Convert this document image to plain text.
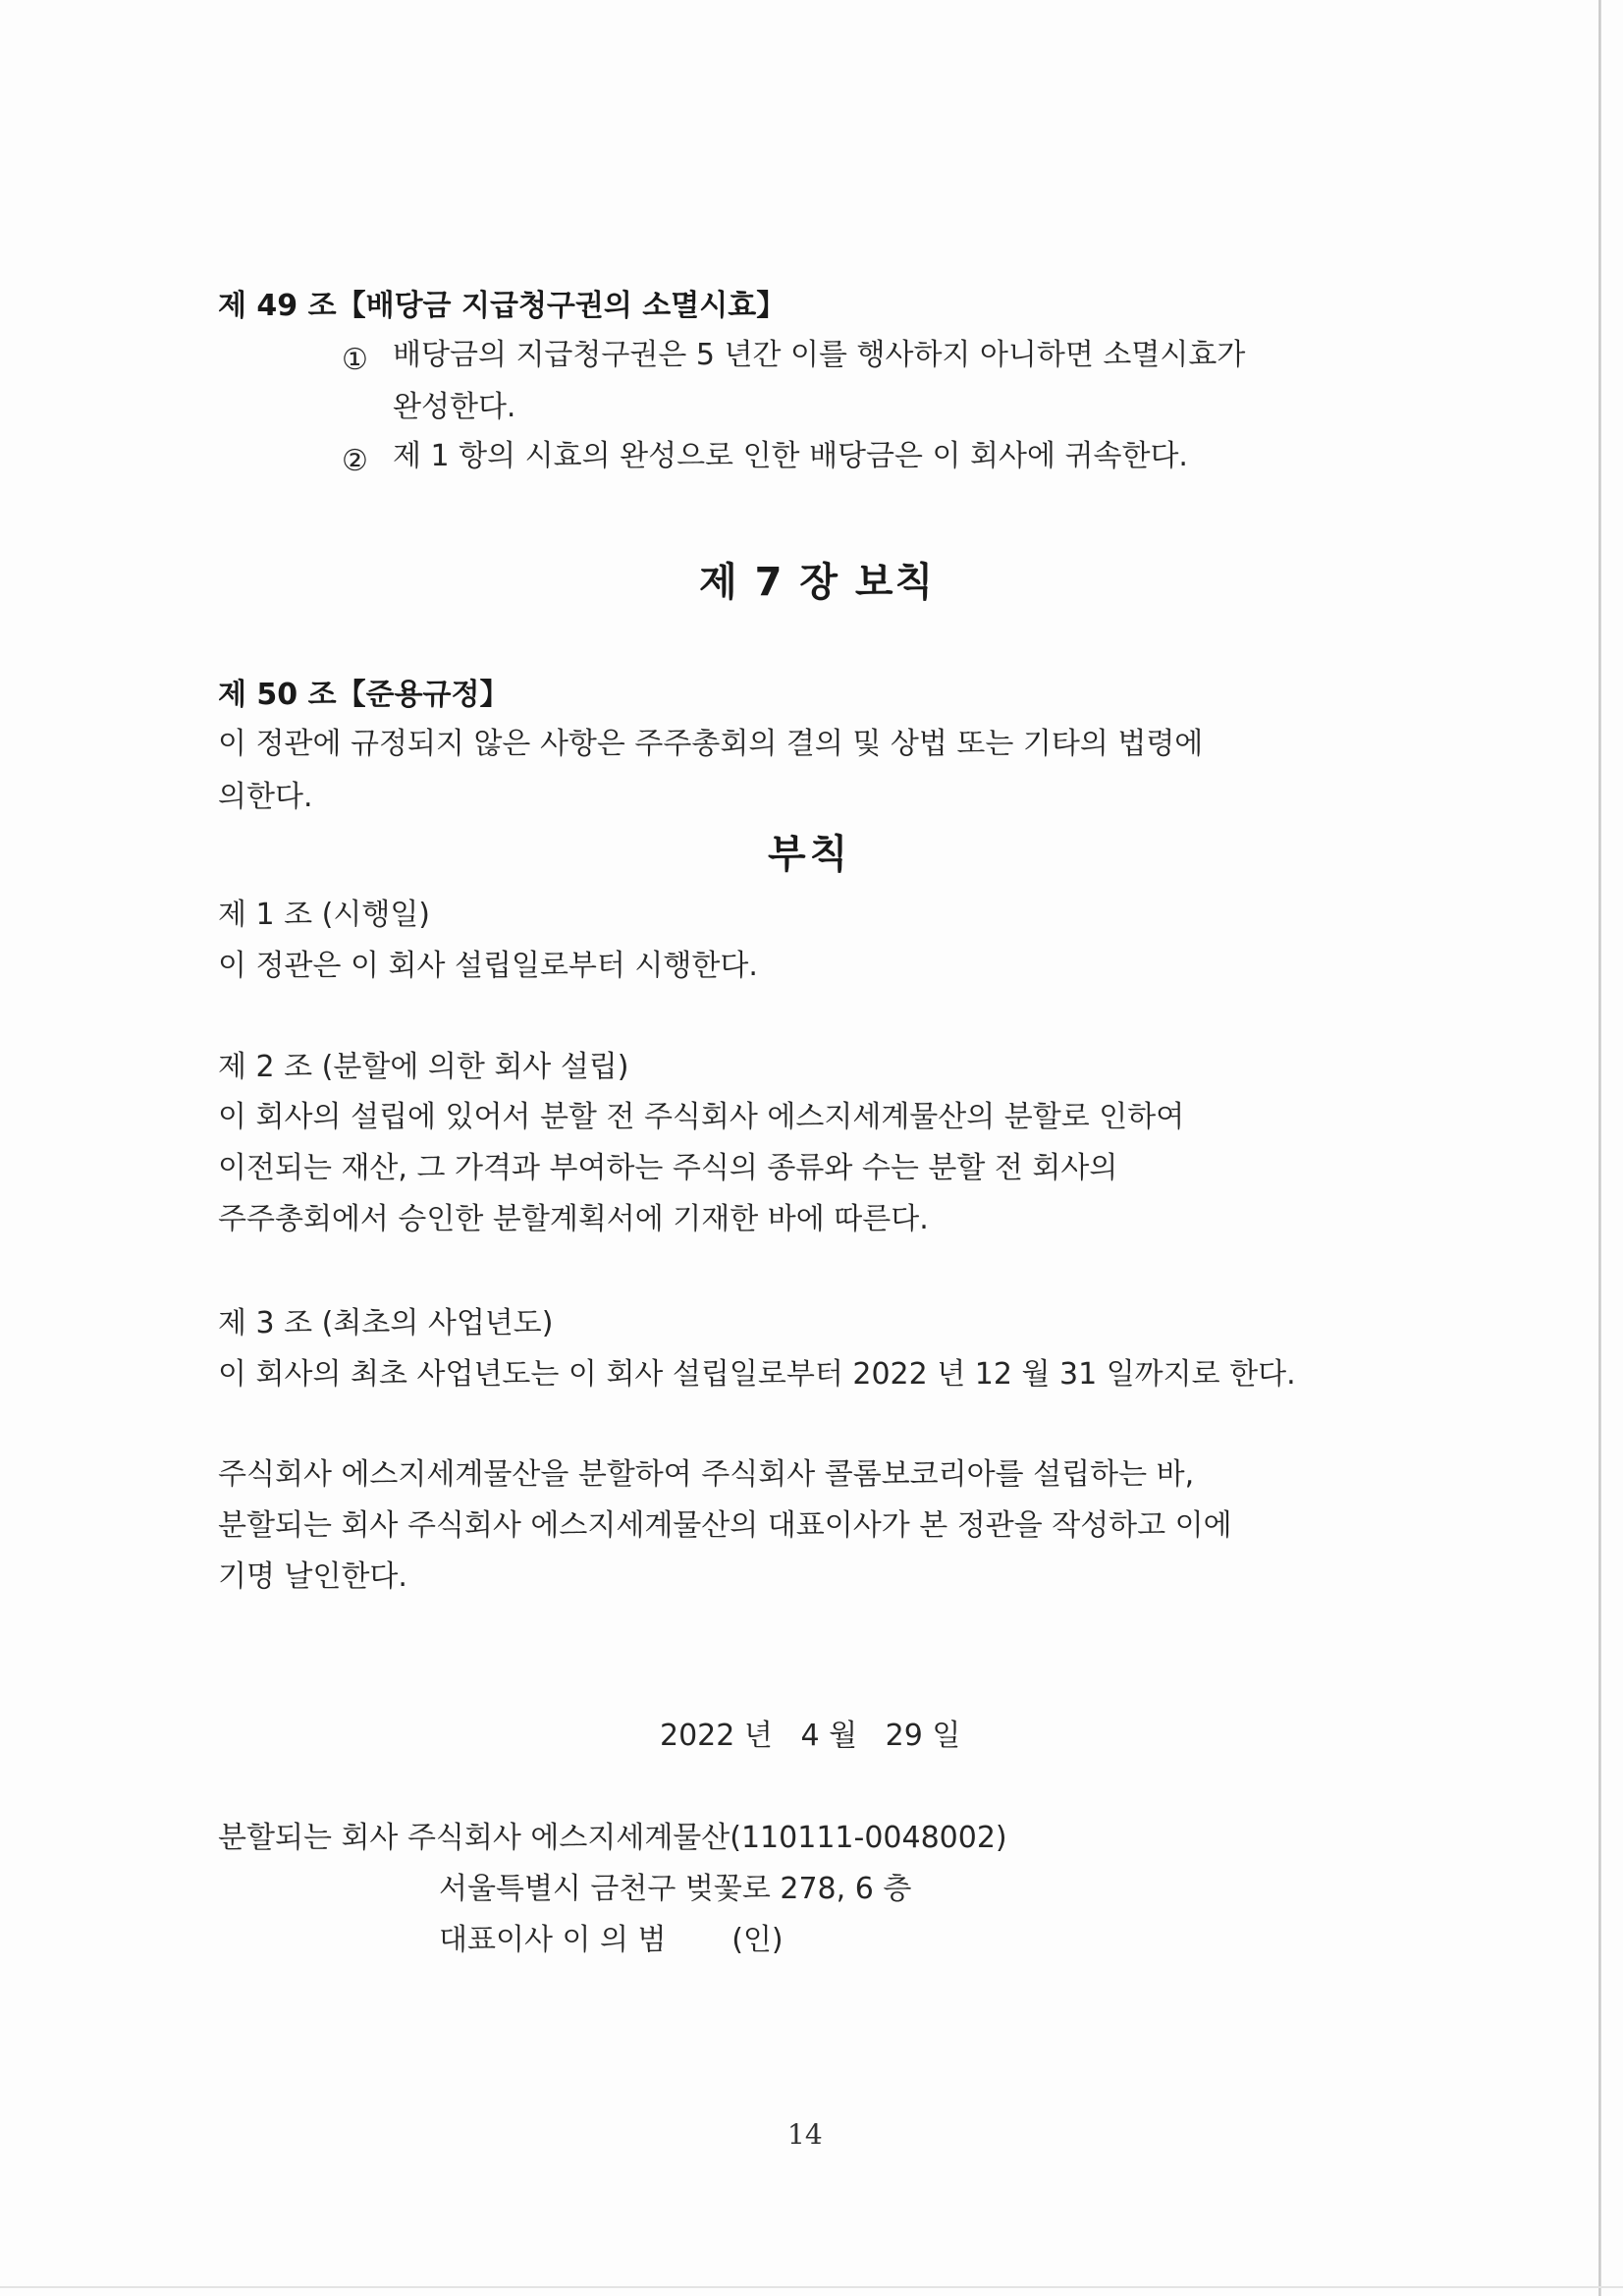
제 49 조【배당금 지급청구권의 소멸시효】
① 배당금의 지급청구권은 5 년간 이를 행사하지 아니하면 소멸시효가
완성한다.
② 제 1 항의 시효의 완성으로 인한 배당금은 이 회사에 귀속한다.
제 7 장 보칙
제 50 조【준용규정】
이 정관에 규정되지 않은 사항은 주주총회의 결의 및 상법 또는 기타의 법령에
의한다.
부칙
제 1 조 (시행일)
이 정관은 이 회사 설립일로부터 시행한다.
제 2 조 (분할에 의한 회사 설립)
이 회사의 설립에 있어서 분할 전 주식회사 에스지세계물산의 분할로 인하여
이전되는 재산, 그 가격과 부여하는 주식의 종류와 수는 분할 전 회사의
주주총회에서 승인한 분할계획서에 기재한 바에 따른다.
제 3 조 (최초의 사업년도)
이 회사의 최초 사업년도는 이 회사 설립일로부터 2022 년 12 월 31 일까지로 한다.
주식회사 에스지세계물산을 분할하여 주식회사 콜롬보코리아를 설립하는 바,
분할되는 회사 주식회사 에스지세계물산의 대표이사가 본 정관을 작성하고 이에
기명 날인한다.
2022 년   4 월   29 일
분할되는 회사 주식회사 에스지세계물산(110111-0048002)
서울특별시 금천구 벚꽃로 278, 6 층
대표이사 이 의 범       (인)
14
